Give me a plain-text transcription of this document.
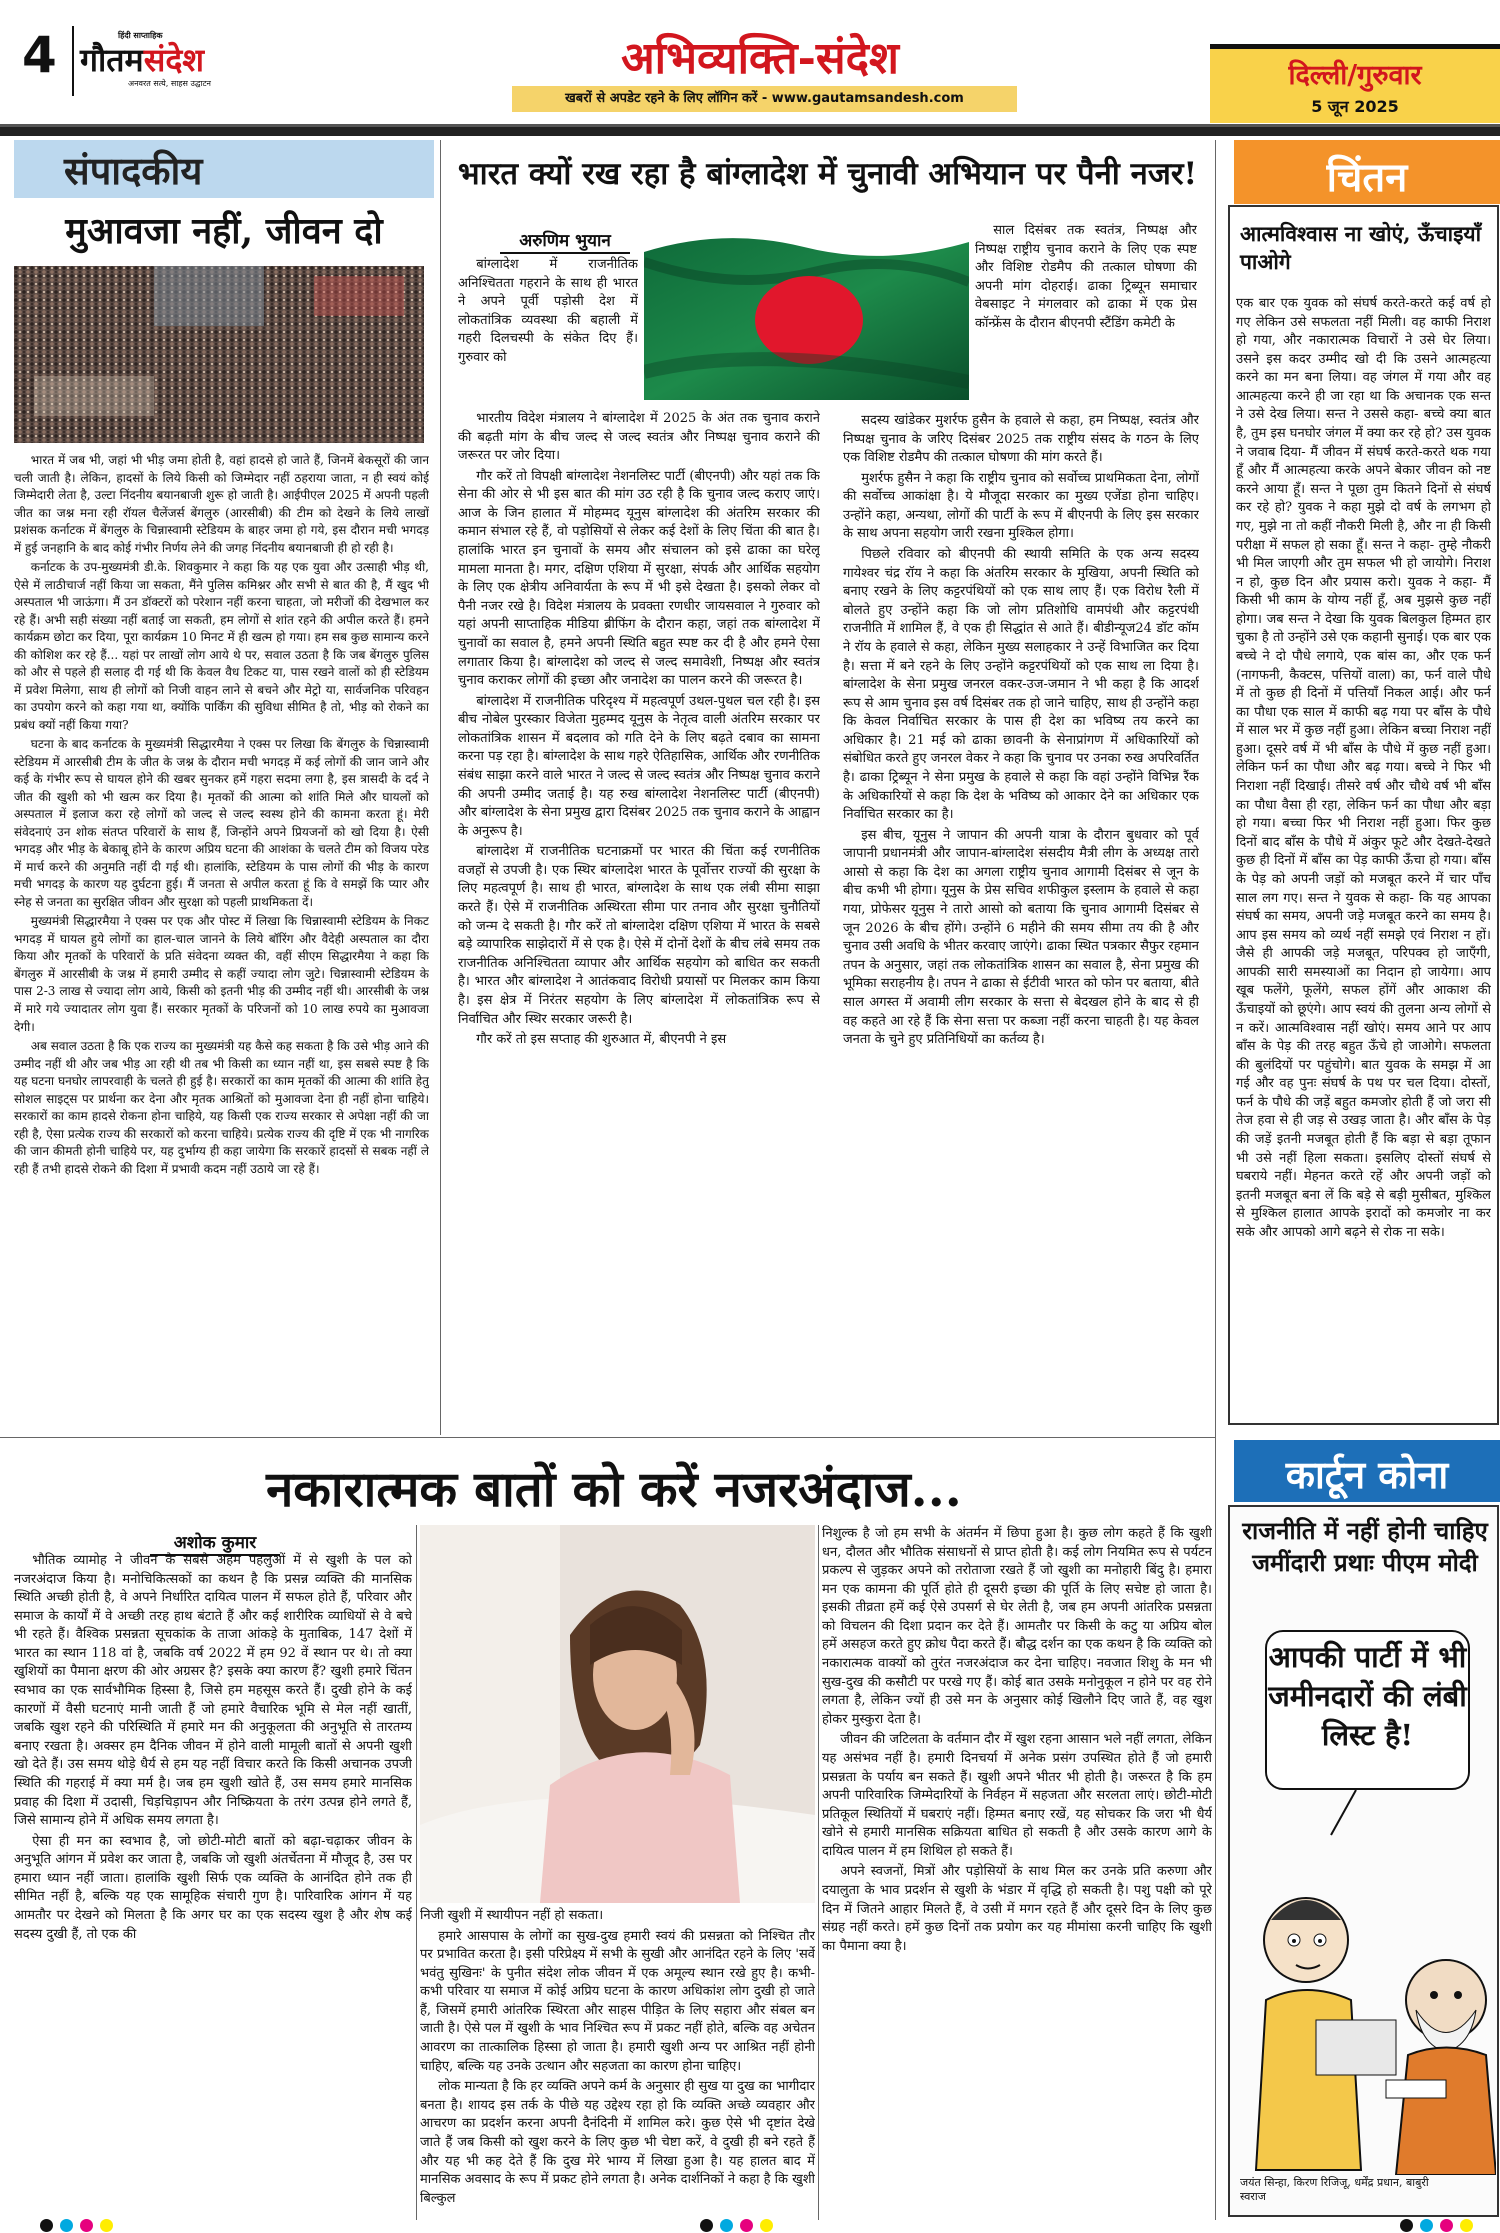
4	हिंदी साप्ताहिक
गौतमसंदेश
अनवरत सत्ये, साहस उद्घाटन	अभिव्यक्ति-संदेश
खबरों से अपडेट रहने के लिए लॉगिन करें - www.gautamsandesh.com
दिल्ली/गुरुवार
5 जून 2025
संपादकीय
मुआवजा नहीं, जीवन दो

भारत में जब भी, जहां भी भीड़ जमा होती है, वहां हादसे हो जाते हैं, जिनमें बेकसूरों की जान चली जाती है। लेकिन, हादसों के लिये किसी को जिम्मेदार नहीं ठहराया जाता, न ही स्वयं कोई जिम्मेदारी लेता है, उल्टा निंदनीय बयानबाजी शुरू हो जाती है। आईपीएल 2025 में अपनी पहली जीत का जश्न मना रही रॉयल चैलेंजर्स बेंगलुरु (आरसीबी) की टीम को देखने के लिये लाखों प्रशंसक कर्नाटक में बेंगलुरु के चिन्नास्वामी स्टेडियम के बाहर जमा हो गये, इस दौरान मची भगदड़ में हुई जनहानि के बाद कोई गंभीर निर्णय लेने की जगह निंदनीय बयानबाजी ही हो रही है।

कर्नाटक के उप-मुख्यमंत्री डी.के. शिवकुमार ने कहा कि यह एक युवा और उत्साही भीड़ थी, ऐसे में लाठीचार्ज नहीं किया जा सकता, मैंने पुलिस कमिश्नर और सभी से बात की है, मैं खुद भी अस्पताल भी जाऊंगा। मैं उन डॉक्टरों को परेशान नहीं करना चाहता, जो मरीजों की देखभाल कर रहे हैं। अभी सही संख्या नहीं बताई जा सकती, हम लोगों से शांत रहने की अपील करते हैं। हमने कार्यक्रम छोटा कर दिया, पूरा कार्यक्रम 10 मिनट में ही खत्म हो गया। हम सब कुछ सामान्य करने की कोशिश कर रहे हैं... यहां पर लाखों लोग आये थे पर, सवाल उठता है कि जब बेंगलुरु पुलिस को और से पहले ही सलाह दी गई थी कि केवल वैध टिकट या, पास रखने वालों को ही स्टेडियम में प्रवेश मिलेगा, साथ ही लोगों को निजी वाहन लाने से बचने और मेट्रो या, सार्वजनिक परिवहन का उपयोग करने को कहा गया था, क्योंकि पार्किंग की सुविधा सीमित है तो, भीड़ को रोकने का प्रबंध क्यों नहीं किया गया?

घटना के बाद कर्नाटक के मुख्यमंत्री सिद्धारमैया ने एक्स पर लिखा कि बेंगलुरु के चिन्नास्वामी स्टेडियम में आरसीबी टीम के जीत के जश्न के दौरान मची भगदड़ में कई लोगों की जान जाने और कई के गंभीर रूप से घायल होने की खबर सुनकर हमें गहरा सदमा लगा है, इस त्रासदी के दर्द ने जीत की खुशी को भी खत्म कर दिया है। मृतकों की आत्मा को शांति मिले और घायलों को अस्पताल में इलाज करा रहे लोगों को जल्द से जल्द स्वस्थ होने की कामना करता हूं। मेरी संवेदनाएं उन शोक संतप्त परिवारों के साथ हैं, जिन्होंने अपने प्रियजनों को खो दिया है। ऐसी भगदड़ और भीड़ के बेकाबू होने के कारण अप्रिय घटना की आशंका के चलते टीम को विजय परेड में मार्च करने की अनुमति नहीं दी गई थी। हालांकि, स्टेडियम के पास लोगों की भीड़ के कारण मची भगदड़ के कारण यह दुर्घटना हुई। मैं जनता से अपील करता हूं कि वे समझें कि प्यार और स्नेह से जनता का सुरक्षित जीवन और सुरक्षा को पहली प्राथमिकता दें।

मुख्यमंत्री सिद्धारमैया ने एक्स पर एक और पोस्ट में लिखा कि चिन्नास्वामी स्टेडियम के निकट भगदड़ में घायल हुये लोगों का हाल-चाल जानने के लिये बॉरिंग और वैदेही अस्पताल का दौरा किया और मृतकों के परिवारों के प्रति संवेदना व्यक्त की, वहीं सीएम सिद्धारमैया ने कहा कि बेंगलुरु में आरसीबी के जश्न में हमारी उम्मीद से कहीं ज्यादा लोग जुटे। चिन्नास्वामी स्टेडियम के पास 2-3 लाख से ज्यादा लोग आये, किसी को इतनी भीड़ की उम्मीद नहीं थी। आरसीबी के जश्न में मारे गये ज्यादातर लोग युवा हैं। सरकार मृतकों के परिजनों को 10 लाख रुपये का मुआवजा देगी।

अब सवाल उठता है कि एक राज्य का मुख्यमंत्री यह कैसे कह सकता है कि उसे भीड़ आने की उम्मीद नहीं थी और जब भीड़ आ रही थी तब भी किसी का ध्यान नहीं था, इस सबसे स्पष्ट है कि यह घटना घनघोर लापरवाही के चलते ही हुई है। सरकारों का काम मृतकों की आत्मा की शांति हेतु सोशल साइट्स पर प्रार्थना कर देना और मृतक आश्रितों को मुआवजा देना ही नहीं होना चाहिये। सरकारों का काम हादसे रोकना होना चाहिये, यह किसी एक राज्य सरकार से अपेक्षा नहीं की जा रही है, ऐसा प्रत्येक राज्य की सरकारों को करना चाहिये। प्रत्येक राज्य की दृष्टि में एक भी नागरिक की जान कीमती होनी चाहिये पर, यह दुर्भाग्य ही कहा जायेगा कि सरकारें हादसों से सबक नहीं ले रही हैं तभी हादसे रोकने की दिशा में प्रभावी कदम नहीं उठाये जा रहे हैं।

भारत क्यों रख रहा है बांग्लादेश में चुनावी अभियान पर पैनी नजर!
अरुणिम भुयान

बांग्लादेश में राजनीतिक अनिश्चितता गहराने के साथ ही भारत ने अपने पूर्वी पड़ोसी देश में लोकतांत्रिक व्यवस्था की बहाली में गहरी दिलचस्पी के संकेत दिए हैं। गुरुवार को

भारतीय विदेश मंत्रालय ने बांग्लादेश में 2025 के अंत तक चुनाव कराने की बढ़ती मांग के बीच जल्द से जल्द स्वतंत्र और निष्पक्ष चुनाव कराने की जरूरत पर जोर दिया।

गौर करें तो विपक्षी बांग्लादेश नेशनलिस्ट पार्टी (बीएनपी) और यहां तक कि सेना की ओर से भी इस बात की मांग उठ रही है कि चुनाव जल्द कराए जाएं। आज के जिन हालात में मोहम्मद यूनुस बांग्लादेश की अंतरिम सरकार की कमान संभाल रहे हैं, वो पड़ोसियों से लेकर कई देशों के लिए चिंता की बात है। हालांकि भारत इन चुनावों के समय और संचालन को इसे ढाका का घरेलू मामला मानता है। मगर, दक्षिण एशिया में सुरक्षा, संपर्क और आर्थिक सहयोग के लिए एक क्षेत्रीय अनिवार्यता के रूप में भी इसे देखता है। इसको लेकर वो पैनी नजर रखे है। विदेश मंत्रालय के प्रवक्ता रणधीर जायसवाल ने गुरुवार को यहां अपनी साप्ताहिक मीडिया ब्रीफिंग के दौरान कहा, जहां तक बांग्लादेश में चुनावों का सवाल है, हमने अपनी स्थिति बहुत स्पष्ट कर दी है और हमने ऐसा लगातार किया है। बांग्लादेश को जल्द से जल्द समावेशी, निष्पक्ष और स्वतंत्र चुनाव कराकर लोगों की इच्छा और जनादेश का पालन करने की जरूरत है।

बांग्लादेश में राजनीतिक परिदृश्य में महत्वपूर्ण उथल-पुथल चल रही है। इस बीच नोबेल पुरस्कार विजेता मुहम्मद यूनुस के नेतृत्व वाली अंतरिम सरकार पर लोकतांत्रिक शासन में बदलाव को गति देने के लिए बढ़ते दबाव का सामना करना पड़ रहा है। बांग्लादेश के साथ गहरे ऐतिहासिक, आर्थिक और रणनीतिक संबंध साझा करने वाले भारत ने जल्द से जल्द स्वतंत्र और निष्पक्ष चुनाव कराने की अपनी उम्मीद जताई है। यह रुख बांग्लादेश नेशनलिस्ट पार्टी (बीएनपी) और बांग्लादेश के सेना प्रमुख द्वारा दिसंबर 2025 तक चुनाव कराने के आह्वान के अनुरूप है।

बांग्लादेश में राजनीतिक घटनाक्रमों पर भारत की चिंता कई रणनीतिक वजहों से उपजी है। एक स्थिर बांग्लादेश भारत के पूर्वोत्तर राज्यों की सुरक्षा के लिए महत्वपूर्ण है। साथ ही भारत, बांग्लादेश के साथ एक लंबी सीमा साझा करते हैं। ऐसे में राजनीतिक अस्थिरता सीमा पार तनाव और सुरक्षा चुनौतियों को जन्म दे सकती है। गौर करें तो बांग्लादेश दक्षिण एशिया में भारत के सबसे बड़े व्यापारिक साझेदारों में से एक है। ऐसे में दोनों देशों के बीच लंबे समय तक राजनीतिक अनिश्चितता व्यापार और आर्थिक सहयोग को बाधित कर सकती है। भारत और बांग्लादेश ने आतंकवाद विरोधी प्रयासों पर मिलकर काम किया है। इस क्षेत्र में निरंतर सहयोग के लिए बांग्लादेश में लोकतांत्रिक रूप से निर्वाचित और स्थिर सरकार जरूरी है।

गौर करें तो इस सप्ताह की शुरुआत में, बीएनपी ने इस

साल दिसंबर तक स्वतंत्र, निष्पक्ष और निष्पक्ष राष्ट्रीय चुनाव कराने के लिए एक स्पष्ट और विशिष्ट रोडमैप की तत्काल घोषणा की अपनी मांग दोहराई। ढाका ट्रिब्यून समाचार वेबसाइट ने मंगलवार को ढाका में एक प्रेस कॉन्फ्रेंस के दौरान बीएनपी स्टैंडिंग कमेटी के

सदस्य खांडेकर मुशर्रफ हुसैन के हवाले से कहा, हम निष्पक्ष, स्वतंत्र और निष्पक्ष चुनाव के जरिए दिसंबर 2025 तक राष्ट्रीय संसद के गठन के लिए एक विशिष्ट रोडमैप की तत्काल घोषणा की मांग करते हैं।

मुशर्रफ हुसैन ने कहा कि राष्ट्रीय चुनाव को सर्वोच्च प्राथमिकता देना, लोगों की सर्वोच्च आकांक्षा है। ये मौजूदा सरकार का मुख्य एजेंडा होना चाहिए। उन्होंने कहा, अन्यथा, लोगों की पार्टी के रूप में बीएनपी के लिए इस सरकार के साथ अपना सहयोग जारी रखना मुश्किल होगा।

पिछले रविवार को बीएनपी की स्थायी समिति के एक अन्य सदस्य गायेश्वर चंद्र रॉय ने कहा कि अंतरिम सरकार के मुखिया, अपनी स्थिति को बनाए रखने के लिए कट्टरपंथियों को एक साथ लाए हैं। एक विरोध रैली में बोलते हुए उन्होंने कहा कि जो लोग प्रतिशोधि वामपंथी और कट्टरपंथी राजनीति में शामिल हैं, वे एक ही सिद्धांत से आते हैं। बीडीन्यूज24 डॉट कॉम ने रॉय के हवाले से कहा, लेकिन मुख्य सलाहकार ने उन्हें विभाजित कर दिया है। सत्ता में बने रहने के लिए उन्होंने कट्टरपंथियों को एक साथ ला दिया है। बांग्लादेश के सेना प्रमुख जनरल वकर-उज-जमान ने भी कहा है कि आदर्श रूप से आम चुनाव इस वर्ष दिसंबर तक हो जाने चाहिए, साथ ही उन्होंने कहा कि केवल निर्वाचित सरकार के पास ही देश का भविष्य तय करने का अधिकार है। 21 मई को ढाका छावनी के सेनाप्रांगण में अधिकारियों को संबोधित करते हुए जनरल वेकर ने कहा कि चुनाव पर उनका रुख अपरिवर्तित है। ढाका ट्रिब्यून ने सेना प्रमुख के हवाले से कहा कि वहां उन्होंने विभिन्न रैंक के अधिकारियों से कहा कि देश के भविष्य को आकार देने का अधिकार एक निर्वाचित सरकार का है।

इस बीच, यूनुस ने जापान की अपनी यात्रा के दौरान बुधवार को पूर्व जापानी प्रधानमंत्री और जापान-बांग्लादेश संसदीय मैत्री लीग के अध्यक्ष तारो आसो से कहा कि देश का अगला राष्ट्रीय चुनाव आगामी दिसंबर से जून के बीच कभी भी होगा। यूनुस के प्रेस सचिव शफीकुल इस्लाम के हवाले से कहा गया, प्रोफेसर यूनुस ने तारो आसो को बताया कि चुनाव आगामी दिसंबर से जून 2026 के बीच होंगे। उन्होंने 6 महीने की समय सीमा तय की है और चुनाव उसी अवधि के भीतर करवाए जाएंगे। ढाका स्थित पत्रकार सैफुर रहमान तपन के अनुसार, जहां तक लोकतांत्रिक शासन का सवाल है, सेना प्रमुख की भूमिका सराहनीय है। तपन ने ढाका से ईटीवी भारत को फोन पर बताया, बीते साल अगस्त में अवामी लीग सरकार के सत्ता से बेदखल होने के बाद से ही वह कहते आ रहे हैं कि सेना सत्ता पर कब्जा नहीं करना चाहती है। यह केवल जनता के चुने हुए प्रतिनिधियों का कर्तव्य है।

चिंतन
आत्मविश्वास ना खोएं, ऊँचाइयाँ पाओगे

एक बार एक युवक को संघर्ष करते-करते कई वर्ष हो गए लेकिन उसे सफलता नहीं मिली। वह काफी निराश हो गया, और नकारात्मक विचारों ने उसे घेर लिया। उसने इस कदर उम्मीद खो दी कि उसने आत्महत्या करने का मन बना लिया। वह जंगल में गया और वह आत्महत्या करने ही जा रहा था कि अचानक एक सन्त ने उसे देख लिया। सन्त ने उससे कहा- बच्चे क्या बात है, तुम इस घनघोर जंगल में क्या कर रहे हो? उस युवक ने जवाब दिया- मैं जीवन में संघर्ष करते-करते थक गया हूँ और मैं आत्महत्या करके अपने बेकार जीवन को नष्ट करने आया हूँ। सन्त ने पूछा तुम कितने दिनों से संघर्ष कर रहे हो? युवक ने कहा मुझे दो वर्ष के लगभग हो गए, मुझे ना तो कहीं नौकरी मिली है, और ना ही किसी परीक्षा में सफल हो सका हूँ। सन्त ने कहा- तुम्हे नौकरी भी मिल जाएगी और तुम सफल भी हो जायोगे। निराश न हो, कुछ दिन और प्रयास करो। युवक ने कहा- मैं किसी भी काम के योग्य नहीं हूँ, अब मुझसे कुछ नहीं होगा। जब सन्त ने देखा कि युवक बिलकुल हिम्मत हार चुका है तो उन्होंने उसे एक कहानी सुनाई। एक बार एक बच्चे ने दो पौधे लगाये, एक बांस का, और एक फर्न (नागफनी, कैक्टस, पत्तियों वाला) का, फर्न वाले पौधे में तो कुछ ही दिनों में पत्तियाँ निकल आई। और फर्न का पौधा एक साल में काफी बढ़ गया पर बाँस के पौधे में साल भर में कुछ नहीं हुआ। लेकिन बच्चा निराश नहीं हुआ। दूसरे वर्ष में भी बाँस के पौधे में कुछ नहीं हुआ। लेकिन फर्न का पौधा और बढ़ गया। बच्चे ने फिर भी निराशा नहीं दिखाई। तीसरे वर्ष और चौथे वर्ष भी बाँस का पौधा वैसा ही रहा, लेकिन फर्न का पौधा और बड़ा हो गया। बच्चा फिर भी निराश नहीं हुआ। फिर कुछ दिनों बाद बाँस के पौधे में अंकुर फूटे और देखते-देखते कुछ ही दिनों में बाँस का पेड़ काफी ऊँचा हो गया। बाँस के पेड़ को अपनी जड़ों को मजबूत करने में चार पाँच साल लग गए। सन्त ने युवक से कहा- कि यह आपका संघर्ष का समय, अपनी जड़े मजबूत करने का समय है। आप इस समय को व्यर्थ नहीं समझे एवं निराश न हों। जैसे ही आपकी जड़े मजबूत, परिपक्व हो जाएँगी, आपकी सारी समस्याओं का निदान हो जायेगा। आप खूब फलेंगे, फूलेंगे, सफल होंगें और आकाश की ऊँचाइयों को छूएंगे। आप स्वयं की तुलना अन्य लोगों से न करें। आत्मविश्वास नहीं खोएं। समय आने पर आप बाँस के पेड़ की तरह बहुत ऊँचे हो जाओगे। सफलता की बुलंदियों पर पहुंचोगे। बात युवक के समझ में आ गई और वह पुनः संघर्ष के पथ पर चल दिया। दोस्तों, फर्न के पौधे की जड़ें बहुत कमजोर होती हैं जो जरा सी तेज हवा से ही जड़ से उखड़ जाता है। और बाँस के पेड़ की जड़ें इतनी मजबूत होती हैं कि बड़ा से बड़ा तूफान भी उसे नहीं हिला सकता। इसलिए दोस्तों संघर्ष से घबराये नहीं। मेहनत करते रहें और अपनी जड़ों को इतनी मजबूत बना लें कि बड़े से बड़ी मुसीबत, मुश्किल से मुश्किल हालात आपके इरादों को कमजोर ना कर सके और आपको आगे बढ़ने से रोक ना सके।

कार्टून कोना
राजनीति में नहीं होनी चाहिए जमींदारी प्रथाः पीएम मोदी
आपकी पार्टी में भी जमीनदारों की लंबी लिस्ट है!
जयंत सिन्हा, किरण रिजिजू, धर्मेंद्र प्रधान, बाबुरी स्वराज
नकारात्मक बातों को करें नजरअंदाज...
अशोक कुमार

भौतिक व्यामोह ने जीवन के सबसे अहम पहलुओं में से खुशी के पल को नजरअंदाज किया है। मनोचिकित्सकों का कथन है कि प्रसन्न व्यक्ति की मानसिक स्थिति अच्छी होती है, वे अपने निर्धारित दायित्व पालन में सफल होते हैं, परिवार और समाज के कार्यों में वे अच्छी तरह हाथ बंटाते हैं और कई शारीरिक व्याधियों से वे बचे भी रहते हैं। वैश्विक प्रसन्नता सूचकांक के ताजा आंकड़े के मुताबिक, 147 देशों में भारत का स्थान 118 वां है, जबकि वर्ष 2022 में हम 92 वें स्थान पर थे। तो क्या खुशियों का पैमाना क्षरण की ओर अग्रसर है? इसके क्या कारण हैं? खुशी हमारे चिंतन स्वभाव का एक सार्वभौमिक हिस्सा है, जिसे हम महसूस करते हैं। दुखी होने के कई कारणों में वैसी घटनाएं मानी जाती हैं जो हमारे वैचारिक भूमि से मेल नहीं खातीं, जबकि खुश रहने की परिस्थिति में हमारे मन की अनुकूलता की अनुभूति से तारतम्य बनाए रखता है। अक्सर हम दैनिक जीवन में होने वाली मामूली बातों से अपनी खुशी खो देते हैं। उस समय थोड़े धैर्य से हम यह नहीं विचार करते कि किसी अचानक उपजी स्थिति की गहराई में क्या मर्म है। जब हम खुशी खोते हैं, उस समय हमारे मानसिक प्रवाह की दिशा में उदासी, चिड़चिड़ापन और निष्क्रियता के तरंग उत्पन्न होने लगते हैं, जिसे सामान्य होने में अधिक समय लगता है।

ऐसा ही मन का स्वभाव है, जो छोटी-मोटी बातों को बढ़ा-चढ़ाकर जीवन के अनुभूति आंगन में प्रवेश कर जाता है, जबकि जो खुशी अंतर्चेतना में मौजूद है, उस पर हमारा ध्यान नहीं जाता। हालांकि खुशी सिर्फ एक व्यक्ति के आनंदित होने तक ही सीमित नहीं है, बल्कि यह एक सामूहिक संचारी गुण है। पारिवारिक आंगन में यह आमतौर पर देखने को मिलता है कि अगर घर का एक सदस्य खुश है और शेष कई सदस्य दुखी हैं, तो एक की

निजी खुशी में स्थायीपन नहीं हो सकता।

हमारे आसपास के लोगों का सुख-दुख हमारी स्वयं की प्रसन्नता को निश्चित तौर पर प्रभावित करता है। इसी परिप्रेक्ष्य में सभी के सुखी और आनंदित रहने के लिए 'सर्वे भवंतु सुखिनः' के पुनीत संदेश लोक जीवन में एक अमूल्य स्थान रखे हुए है। कभी-कभी परिवार या समाज में कोई अप्रिय घटना के कारण अधिकांश लोग दुखी हो जाते हैं, जिसमें हमारी आंतरिक स्थिरता और साहस पीड़ित के लिए सहारा और संबल बन जाती है। ऐसे पल में खुशी के भाव निश्चित रूप में प्रकट नहीं होते, बल्कि वह अचेतन आवरण का तात्कालिक हिस्सा हो जाता है। हमारी खुशी अन्य पर आश्रित नहीं होनी चाहिए, बल्कि यह उनके उत्थान और सहजता का कारण होना चाहिए।

लोक मान्यता है कि हर व्यक्ति अपने कर्म के अनुसार ही सुख या दुख का भागीदार बनता है। शायद इस तर्क के पीछे यह उद्देश्य रहा हो कि व्यक्ति अच्छे व्यवहार और आचरण का प्रदर्शन करना अपनी दैनंदिनी में शामिल करे। कुछ ऐसे भी दृष्टांत देखे जाते हैं जब किसी को खुश करने के लिए कुछ भी चेष्टा करें, वे दुखी ही बने रहते हैं और यह भी कह देते हैं कि दुख मेरे भाग्य में लिखा हुआ है। यह हालत बाद में मानसिक अवसाद के रूप में प्रकट होने लगता है। अनेक दार्शनिकों ने कहा है कि खुशी बिल्कुल

निशुल्क है जो हम सभी के अंतर्मन में छिपा हुआ है। कुछ लोग कहते हैं कि खुशी धन, दौलत और भौतिक संसाधनों से प्राप्त होती है। कई लोग नियमित रूप से पर्यटन प्रकल्प से जुड़कर अपने को तरोताजा रखते हैं जो खुशी का मनोहारी बिंदु है। हमारा मन एक कामना की पूर्ति होते ही दूसरी इच्छा की पूर्ति के लिए सचेष्ट हो जाता है। इसकी तीव्रता हमें कई ऐसे उपसर्ग से घेर लेती है, जब हम अपनी आंतरिक प्रसन्नता को विचलन की दिशा प्रदान कर देते हैं। आमतौर पर किसी के कटु या अप्रिय बोल हमें असहज करते हुए क्रोध पैदा करते हैं। बौद्ध दर्शन का एक कथन है कि व्यक्ति को नकारात्मक वाक्यों को तुरंत नजरअंदाज कर देना चाहिए। नवजात शिशु के मन भी सुख-दुख की कसौटी पर परखे गए हैं। कोई बात उसके मनोनुकूल न होने पर वह रोने लगता है, लेकिन ज्यों ही उसे मन के अनुसार कोई खिलौने दिए जाते हैं, वह खुश होकर मुस्कुरा देता है।

जीवन की जटिलता के वर्तमान दौर में खुश रहना आसान भले नहीं लगता, लेकिन यह असंभव नहीं है। हमारी दिनचर्या में अनेक प्रसंग उपस्थित होते हैं जो हमारी प्रसन्नता के पर्याय बन सकते हैं। खुशी अपने भीतर भी होती है। जरूरत है कि हम अपनी पारिवारिक जिम्मेदारियों के निर्वहन में सहजता और सरलता लाएं। छोटी-मोटी प्रतिकूल स्थितियों में घबराएं नहीं। हिम्मत बनाए रखें, यह सोचकर कि जरा भी धैर्य खोने से हमारी मानसिक सक्रियता बाधित हो सकती है और उसके कारण आगे के दायित्व पालन में हम शिथिल हो सकते हैं।

अपने स्वजनों, मित्रों और पड़ोसियों के साथ मिल कर उनके प्रति करुणा और दयालुता के भाव प्रदर्शन से खुशी के भंडार में वृद्धि हो सकती है। पशु पक्षी को पूरे दिन में जितने आहार मिलते हैं, वे उसी में मगन रहते हैं और दूसरे दिन के लिए कुछ संग्रह नहीं करते। हमें कुछ दिनों तक प्रयोग कर यह मीमांसा करनी चाहिए कि खुशी का पैमाना क्या है।
